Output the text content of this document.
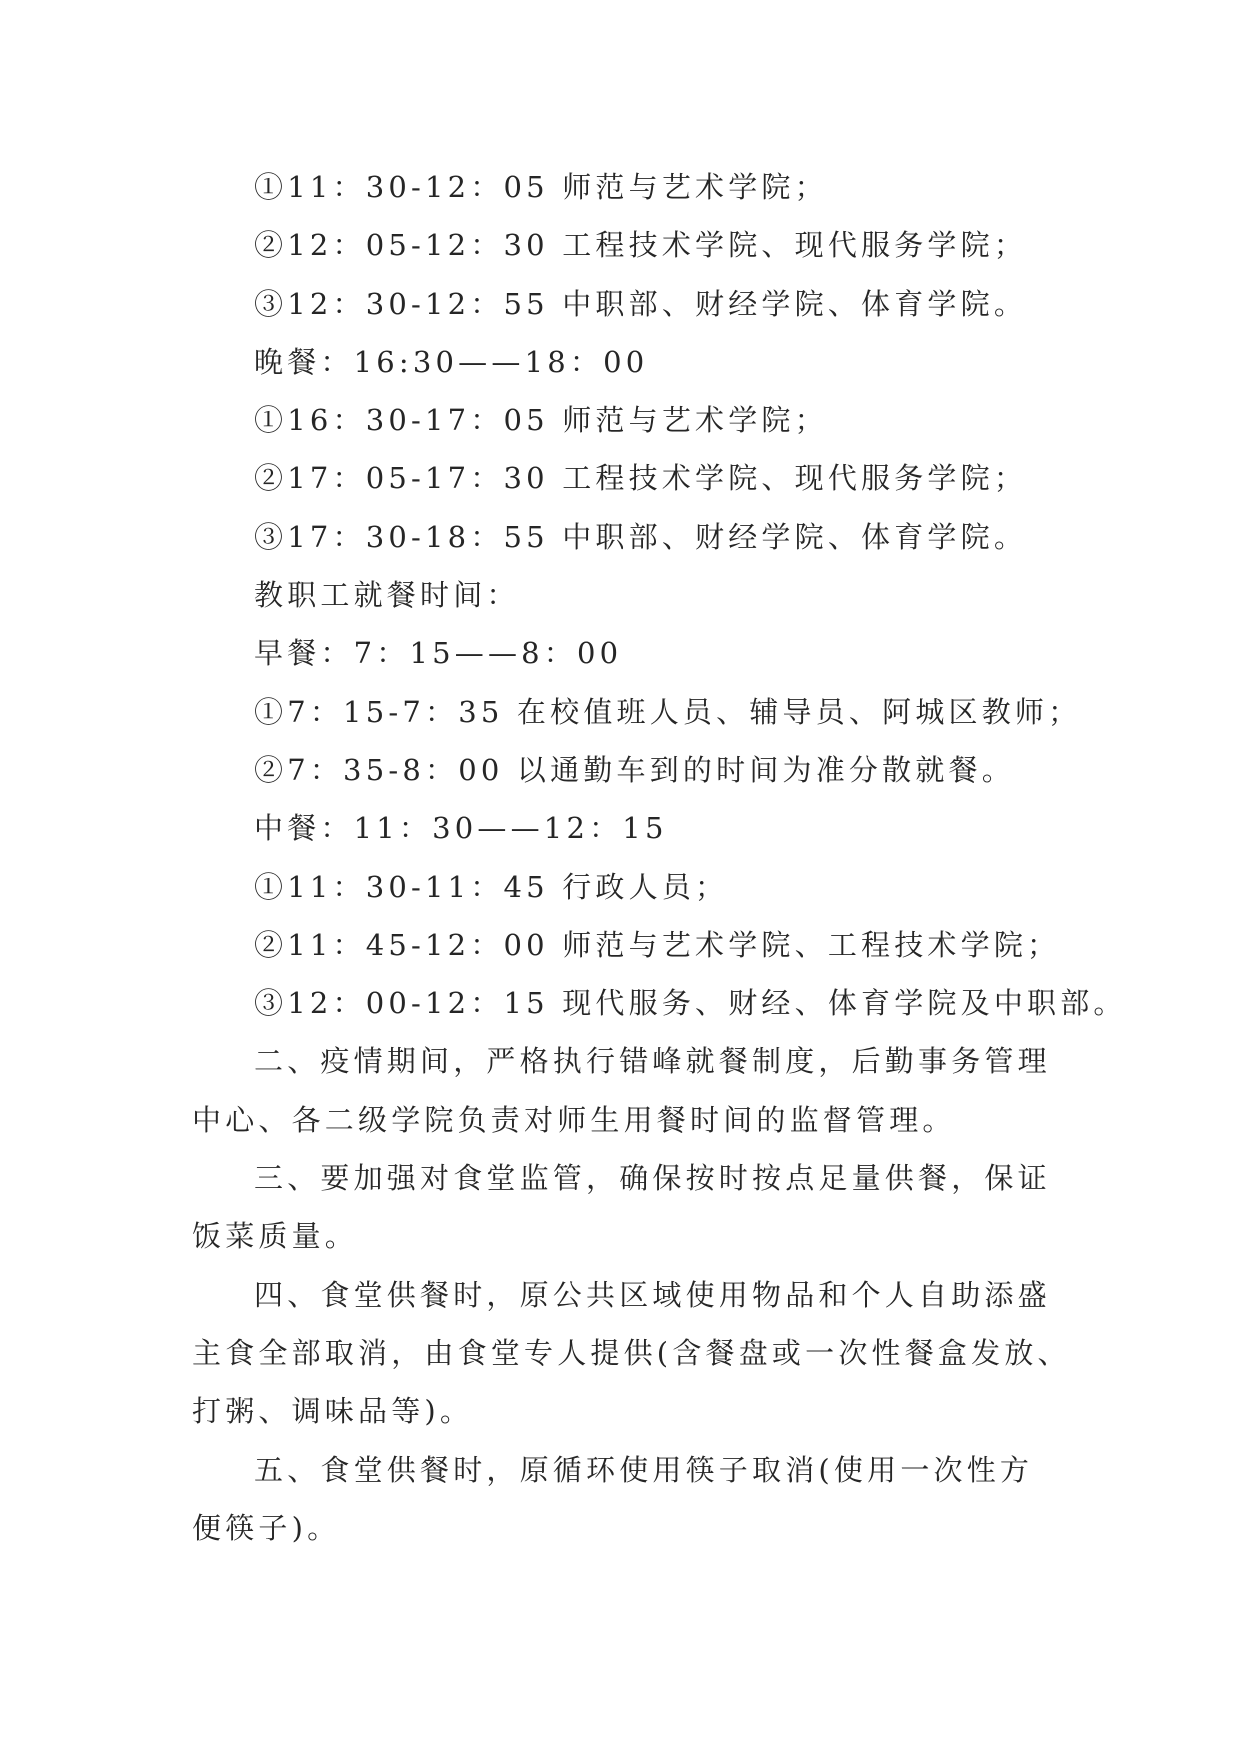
①11：30-12：05 师范与艺术学院；

②12：05-12：30 工程技术学院、现代服务学院；

③12：30-12：55 中职部、财经学院、体育学院。

晚餐：16:30——18：00

①16：30-17：05 师范与艺术学院；

②17：05-17：30 工程技术学院、现代服务学院；

③17：30-18：55 中职部、财经学院、体育学院。

教职工就餐时间：

早餐：7：15——8：00

①7：15-7：35 在校值班人员、辅导员、阿城区教师；

②7：35-8：00 以通勤车到的时间为准分散就餐。

中餐：11：30——12：15

①11：30-11：45 行政人员；

②11：45-12：00 师范与艺术学院、工程技术学院；

③12：00-12：15 现代服务、财经、体育学院及中职部。

二、疫情期间，严格执行错峰就餐制度，后勤事务管理

中心、各二级学院负责对师生用餐时间的监督管理。

三、要加强对食堂监管，确保按时按点足量供餐，保证

饭菜质量。

四、食堂供餐时，原公共区域使用物品和个人自助添盛

主食全部取消，由食堂专人提供(含餐盘或一次性餐盒发放、

打粥、调味品等)。

五、食堂供餐时，原循环使用筷子取消(使用一次性方

便筷子)。
